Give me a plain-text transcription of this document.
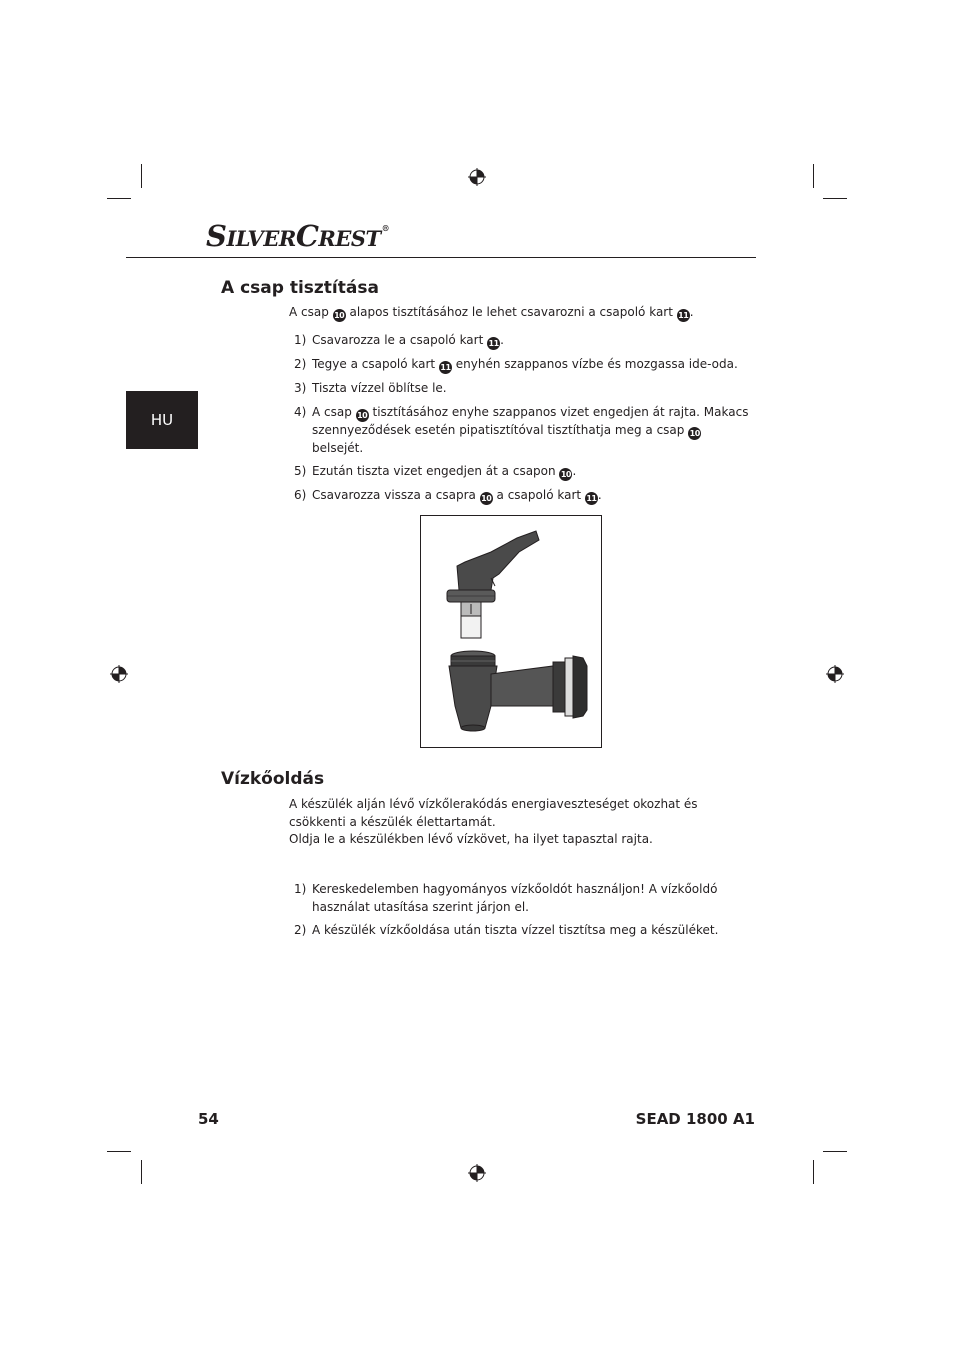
SILVERCREST®
HU
A csap tisztítása
A csap 10 alapos tisztításához le lehet csavarozni a csapoló kart 11.
1) Csavarozza le a csapoló kart 11.
2) Tegye a csapoló kart 11 enyhén szappanos vízbe és mozgassa ide-oda.
3) Tiszta vízzel öblítse le.
4) A csap 10 tisztításához enyhe szappanos vizet engedjen át rajta. Makacs szennyeződések esetén pipatisztítóval tisztíthatja meg a csap 10 belsejét.
5) Ezután tiszta vizet engedjen át a csapon 10.
6) Csavarozza vissza a csapra 10 a csapoló kart 11.
Vízkőoldás
A készülék alján lévő vízkőlerakódás energiaveszteséget okozhat és csökkenti a készülék élettartamát.
Oldja le a készülékben lévő vízkövet, ha ilyet tapasztal rajta.
1) Kereskedelemben hagyományos vízkőoldót használjon! A vízkőoldó használat utasítása szerint járjon el.
2) A készülék vízkőoldása után tiszta vízzel tisztítsa meg a készüléket.
54	SEAD 1800 A1
